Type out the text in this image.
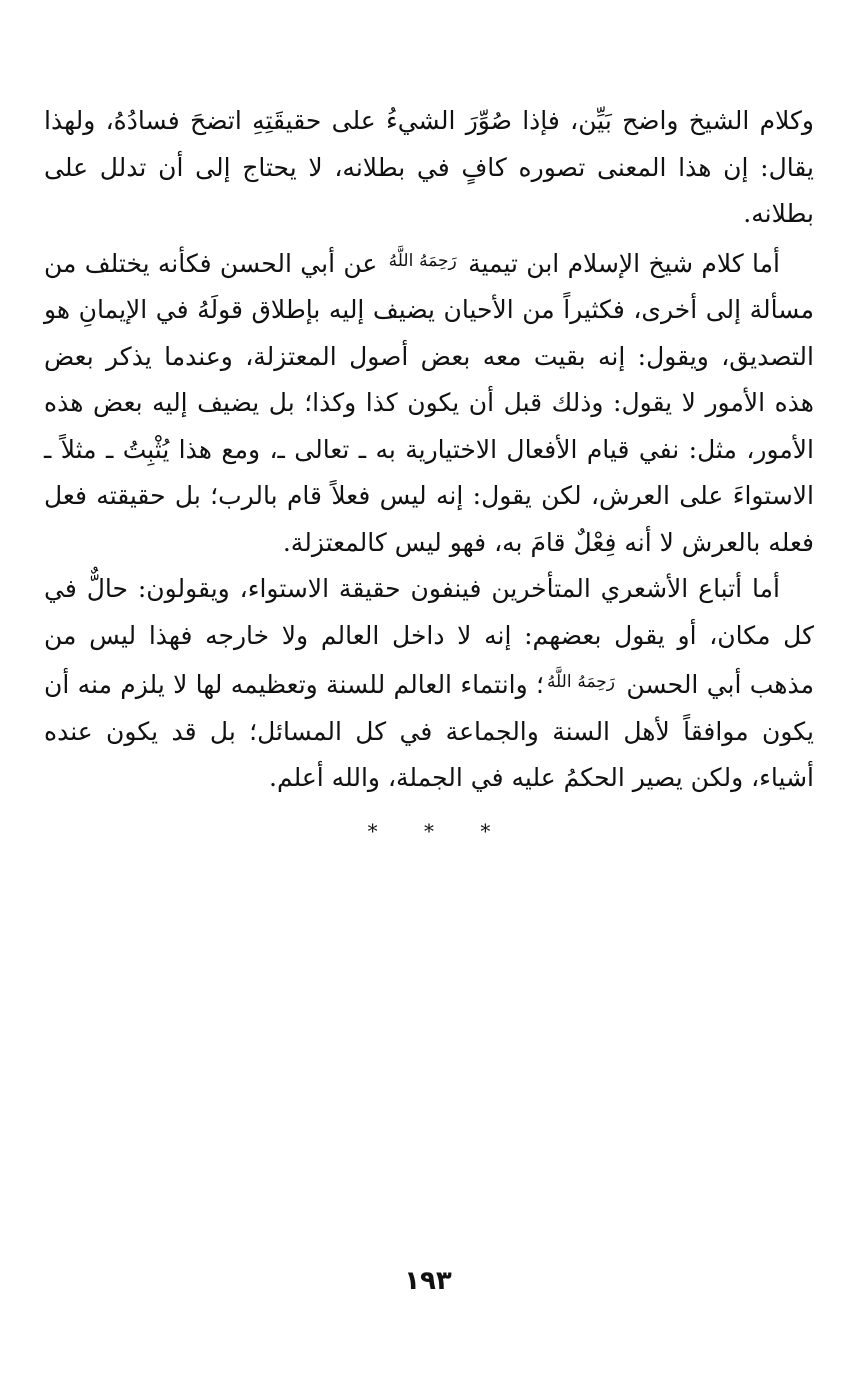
وكلام الشيخ واضح بَيِّن، فإذا صُوِّرَ الشيءُ على حقيقَتِهِ اتضحَ فسادُهُ، ولهذا يقال: إن هذا المعنى تصوره كافٍ في بطلانه، لا يحتاج إلى أن تدلل على بطلانه.

أما كلام شيخ الإسلام ابن تيمية $^{رَحِمَهُ اللَّهُ}$ عن أبي الحسن فكأنه يختلف من مسألة إلى أخرى، فكثيراً من الأحيان يضيف إليه بإطلاق قولَهُ في الإيمانِ هو التصديق، ويقول: إنه بقيت معه بعض أصول المعتزلة، وعندما يذكر بعض هذه الأمور لا يقول: وذلك قبل أن يكون كذا وكذا؛ بل يضيف إليه بعض هذه الأمور، مثل: نفي قيام الأفعال الاختيارية به ـ تعالى ـ، ومع هذا يُثْبِتُ ـ مثلاً ـ الاستواءَ على العرش، لكن يقول: إنه ليس فعلاً قام بالرب؛ بل حقيقته فعل فعله بالعرش لا أنه فِعْلٌ قامَ به، فهو ليس كالمعتزلة.

أما أتباع الأشعري المتأخرين فينفون حقيقة الاستواء، ويقولون: حالٌّ في كل مكان، أو يقول بعضهم: إنه لا داخل العالم ولا خارجه فهذا ليس من مذهب أبي الحسن $^{رَحِمَهُ اللَّهُ}$؛ وانتماء العالم للسنة وتعظيمه لها لا يلزم منه أن يكون موافقاً لأهل السنة والجماعة في كل المسائل؛ بل قد يكون عنده أشياء، ولكن يصير الحكمُ عليه في الجملة، والله أعلم.

* * *
١٩٣
